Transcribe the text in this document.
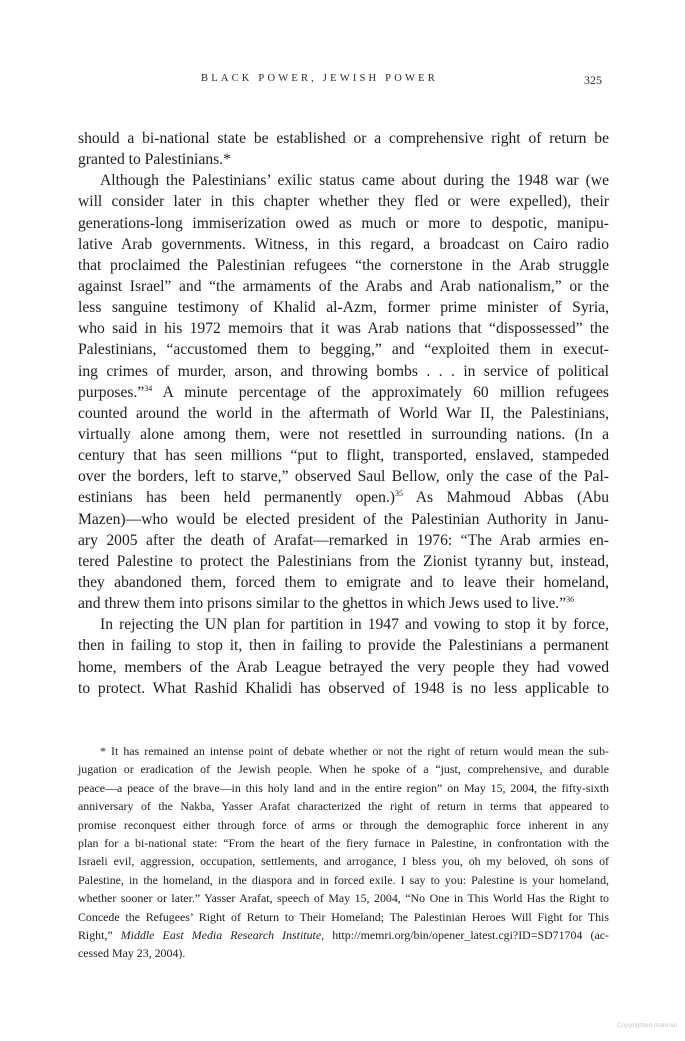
BLACK POWER, JEWISH POWER	325
should a bi-national state be established or a comprehensive right of return be
granted to Palestinians.*
Although the Palestinians’ exilic status came about during the 1948 war (we
will consider later in this chapter whether they fled or were expelled), their
generations-long immiserization owed as much or more to despotic, manipu-
lative Arab governments. Witness, in this regard, a broadcast on Cairo radio
that proclaimed the Palestinian refugees “the cornerstone in the Arab struggle
against Israel” and “the armaments of the Arabs and Arab nationalism,” or the
less sanguine testimony of Khalid al-Azm, former prime minister of Syria,
who said in his 1972 memoirs that it was Arab nations that “dispossessed” the
Palestinians, “accustomed them to begging,” and “exploited them in execut-
ing crimes of murder, arson, and throwing bombs . . . in service of political
purposes.”$^{34}$ A minute percentage of the approximately 60 million refugees
counted around the world in the aftermath of World War II, the Palestinians,
virtually alone among them, were not resettled in surrounding nations. (In a
century that has seen millions “put to flight, transported, enslaved, stampeded
over the borders, left to starve,” observed Saul Bellow, only the case of the Pal-
estinians has been held permanently open.)$^{35}$ As Mahmoud Abbas (Abu
Mazen)—who would be elected president of the Palestinian Authority in Janu-
ary 2005 after the death of Arafat—remarked in 1976: “The Arab armies en-
tered Palestine to protect the Palestinians from the Zionist tyranny but, instead,
they abandoned them, forced them to emigrate and to leave their homeland,
and threw them into prisons similar to the ghettos in which Jews used to live.”$^{36}$
In rejecting the UN plan for partition in 1947 and vowing to stop it by force,
then in failing to stop it, then in failing to provide the Palestinians a permanent
home, members of the Arab League betrayed the very people they had vowed
to protect. What Rashid Khalidi has observed of 1948 is no less applicable to
* It has remained an intense point of debate whether or not the right of return would mean the sub-
jugation or eradication of the Jewish people. When he spoke of a “just, comprehensive, and durable
peace—a peace of the brave—in this holy land and in the entire region” on May 15, 2004, the fifty-sixth
anniversary of the Nakba, Yasser Arafat characterized the right of return in terms that appeared to
promise reconquest either through force of arms or through the demographic force inherent in any
plan for a bi-national state: “From the heart of the fiery furnace in Palestine, in confrontation with the
Israeli evil, aggression, occupation, settlements, and arrogance, I bless you, oh my beloved, oh sons of
Palestine, in the homeland, in the diaspora and in forced exile. I say to you: Palestine is your homeland,
whether sooner or later.” Yasser Arafat, speech of May 15, 2004, “No One in This World Has the Right to
Concede the Refugees’ Right of Return to Their Homeland; The Palestinian Heroes Will Fight for This
Right,” Middle East Media Research Institute, http://memri.org/bin/opener_latest.cgi?ID=SD71704 (ac-
cessed May 23, 2004).
Copyrighted material
